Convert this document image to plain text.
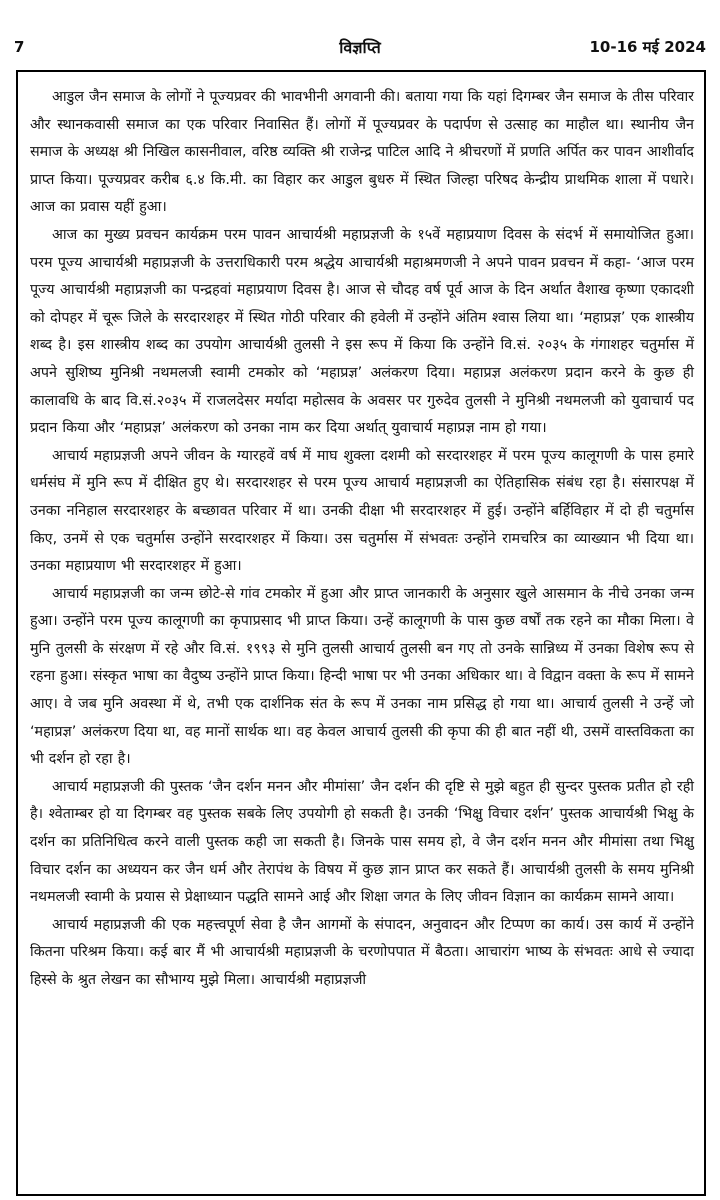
7	विज्ञप्ति	10-16 मई 2024

आडुल जैन समाज के लोगों ने पूज्यप्रवर की भावभीनी अगवानी की। बताया गया कि यहां दिगम्बर जैन समाज के तीस परिवार और स्थानकवासी समाज का एक परिवार निवासित हैं। लोगों में पूज्यप्रवर के पदार्पण से उत्साह का माहौल था। स्थानीय जैन समाज के अध्यक्ष श्री निखिल कासनीवाल, वरिष्ठ व्यक्ति श्री राजेन्द्र पाटिल आदि ने श्रीचरणों में प्रणति अर्पित कर पावन आशीर्वाद प्राप्त किया। पूज्यप्रवर करीब ६.४ कि.मी. का विहार कर आडुल बुधरु में स्थित जिल्हा परिषद केन्द्रीय प्राथमिक शाला में पधारे। आज का प्रवास यहीं हुआ।

आज का मुख्य प्रवचन कार्यक्रम परम पावन आचार्यश्री महाप्रज्ञजी के १५वें महाप्रयाण दिवस के संदर्भ में समायोजित हुआ। परम पूज्य आचार्यश्री महाप्रज्ञजी के उत्तराधिकारी परम श्रद्धेय आचार्यश्री महाश्रमणजी ने अपने पावन प्रवचन में कहा- ‘आज परम पूज्य आचार्यश्री महाप्रज्ञजी का पन्द्रहवां महाप्रयाण दिवस है। आज से चौदह वर्ष पूर्व आज के दिन अर्थात वैशाख कृष्णा एकादशी को दोपहर में चूरू जिले के सरदारशहर में स्थित गोठी परिवार की हवेली में उन्होंने अंतिम श्वास लिया था। ‘महाप्रज्ञ’ एक शास्त्रीय शब्द है। इस शास्त्रीय शब्द का उपयोग आचार्यश्री तुलसी ने इस रूप में किया कि उन्होंने वि.सं. २०३५ के गंगाशहर चतुर्मास में अपने सुशिष्य मुनिश्री नथमलजी स्वामी टमकोर को ‘महाप्रज्ञ’ अलंकरण दिया। महाप्रज्ञ अलंकरण प्रदान करने के कुछ ही कालावधि के बाद वि.सं.२०३५ में राजलदेसर मर्यादा महोत्सव के अवसर पर गुरुदेव तुलसी ने मुनिश्री नथमलजी को युवाचार्य पद प्रदान किया और ‘महाप्रज्ञ’ अलंकरण को उनका नाम कर दिया अर्थात् युवाचार्य महाप्रज्ञ नाम हो गया।

आचार्य महाप्रज्ञजी अपने जीवन के ग्यारहवें वर्ष में माघ शुक्ला दशमी को सरदारशहर में परम पूज्य कालूगणी के पास हमारे धर्मसंघ में मुनि रूप में दीक्षित हुए थे। सरदारशहर से परम पूज्य आचार्य महाप्रज्ञजी का ऐतिहासिक संबंध रहा है। संसारपक्ष में उनका ननिहाल सरदारशहर के बच्छावत परिवार में था। उनकी दीक्षा भी सरदारशहर में हुई। उन्होंने बर्हिविहार में दो ही चतुर्मास किए, उनमें से एक चतुर्मास उन्होंने सरदारशहर में किया। उस चतुर्मास में संभवतः उन्होंने रामचरित्र का व्याख्यान भी दिया था। उनका महाप्रयाण भी सरदारशहर में हुआ।

आचार्य महाप्रज्ञजी का जन्म छोटे-से गांव टमकोर में हुआ और प्राप्त जानकारी के अनुसार खुले आसमान के नीचे उनका जन्म हुआ। उन्होंने परम पूज्य कालूगणी का कृपाप्रसाद भी प्राप्त किया। उन्हें कालूगणी के पास कुछ वर्षों तक रहने का मौका मिला। वे मुनि तुलसी के संरक्षण में रहे और वि.सं. १९९३ से मुनि तुलसी आचार्य तुलसी बन गए तो उनके सान्निध्य में उनका विशेष रूप से रहना हुआ। संस्कृत भाषा का वैदुष्य उन्होंने प्राप्त किया। हिन्दी भाषा पर भी उनका अधिकार था। वे विद्वान वक्ता के रूप में सामने आए। वे जब मुनि अवस्था में थे, तभी एक दार्शनिक संत के रूप में उनका नाम प्रसिद्ध हो गया था। आचार्य तुलसी ने उन्हें जो ‘महाप्रज्ञ’ अलंकरण दिया था, वह मानों सार्थक था। वह केवल आचार्य तुलसी की कृपा की ही बात नहीं थी, उसमें वास्तविकता का भी दर्शन हो रहा है।

आचार्य महाप्रज्ञजी की पुस्तक ‘जैन दर्शन मनन और मीमांसा’ जैन दर्शन की दृष्टि से मुझे बहुत ही सुन्दर पुस्तक प्रतीत हो रही है। श्वेताम्बर हो या दिगम्बर वह पुस्तक सबके लिए उपयोगी हो सकती है। उनकी ‘भिक्षु विचार दर्शन’ पुस्तक आचार्यश्री भिक्षु के दर्शन का प्रतिनिधित्व करने वाली पुस्तक कही जा सकती है। जिनके पास समय हो, वे जैन दर्शन मनन और मीमांसा तथा भिक्षु विचार दर्शन का अध्ययन कर जैन धर्म और तेरापंथ के विषय में कुछ ज्ञान प्राप्त कर सकते हैं। आचार्यश्री तुलसी के समय मुनिश्री नथमलजी स्वामी के प्रयास से प्रेक्षाध्यान पद्धति सामने आई और शिक्षा जगत के लिए जीवन विज्ञान का कार्यक्रम सामने आया।

आचार्य महाप्रज्ञजी की एक महत्त्वपूर्ण सेवा है जैन आगमों के संपादन, अनुवादन और टिप्पण का कार्य। उस कार्य में उन्होंने कितना परिश्रम किया। कई बार मैं भी आचार्यश्री महाप्रज्ञजी के चरणोपपात में बैठता। आचारांग भाष्य के संभवतः आधे से ज्यादा हिस्से के श्रुत लेखन का सौभाग्य मुझे मिला। आचार्यश्री महाप्रज्ञजी
